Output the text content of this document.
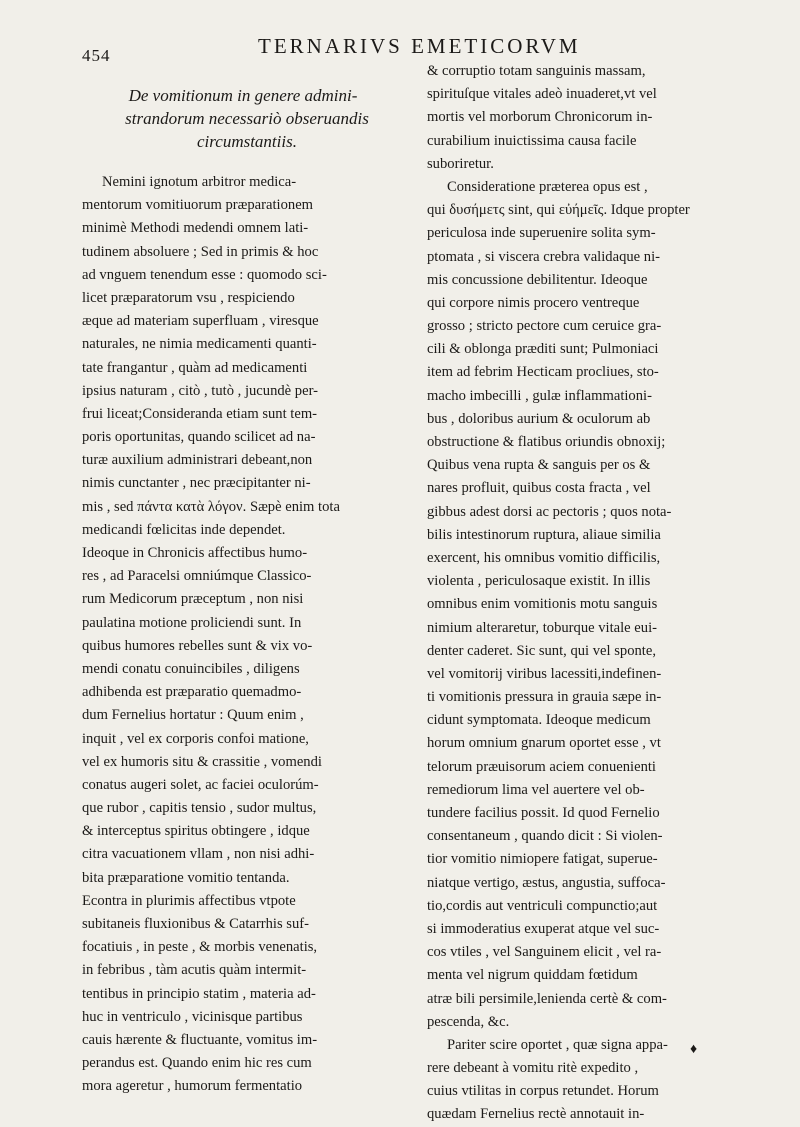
454	TERNARIVS EMETICORVM
De vomitionum in genere admini-
strandorum necessariò obseruandis
circumstantiis.
Nemini ignotum arbitror medica-
mentorum vomitiuorum præparationem
minimè Methodi medendi omnem lati-
tudinem absoluere ; Sed in primis & hoc
ad vnguem tenendum esse : quomodo sci-
licet præparatorum vsu , respiciendo
æque ad materiam superfluam , viresque
naturales, ne nimia medicamenti quanti-
tate frangantur , quàm ad medicamenti
ipsius naturam , citò , tutò , jucundè per-
frui liceat;Considerandа etiam sunt tem-
poris oportunitas, quando scilicet ad na-
turæ auxilium administrari debeant,non
nimis cunctanter , nec præcipitanter ni-
mis , sed πάντα κατὰ λόγον. Sæpè enim tota
medicandi fœlicitas inde dependet.
Ideoque in Chronicis affectibus humo-
res , ad Paracelsi omniúmque Classico-
rum Medicorum præceptum , non nisi
paulatina motione proliciendi sunt. In
quibus humores rebelles sunt & vix vo-
mendi conatu conuincibiles , diligens
adhibenda est præparatio quemadmo-
dum Fernelius hortatur : Quum enim ,
inquit , vel ex corporis confoi matione,
vel ex humoris situ & crassitie , vomendi
conatus augeri solet, ac faciei oculorúm-
que rubor , capitis tensio , sudor multus,
& interceptus spiritus obtingere , idque
citra vacuationem vllam , non nisi adhi-
bita præparatione vomitio tentanda.
Econtra in plurimis affectibus vtpote
subitaneis fluxionibus & Catarrhis suf-
focatiuis , in peste , & morbis venenatis,
in febribus , tàm acutis quàm intermit-
tentibus in principio statim , materia ad-
huc in ventriculo , vicinisque partibus
cauis hærente & fluctuante, vomitus im-
perandus est. Quando enim hic res cum
mora ageretur , humorum fermentatio
& corruptio totam sanguinis massam,
spirituſque vitales adeò inuaderet,vt vel
mortis vel morborum Chronicorum in-
curabilium inuictissima causa facile
suboriretur.
Consideratione præterea opus est ,
qui δυσήμετς sint, qui εὐήμεῖς. Idque propter
periculosa inde superuenire solita sym-
ptomata , si viscera crebra validaque ni-
mis concussione debilitentur. Ideoque
qui corpore nimis procero ventreque
grosso ; stricto pectore cum ceruice gra-
cili & oblonga præditi sunt; Pulmoniaci
item ad febrim Hecticam procliues, sto-
macho imbecilli , gulæ inflammationi-
bus , doloribus aurium & oculorum ab
obstructione & flatibus oriundis obnoxij;
Quibus vena rupta & sanguis per os &
nares profluit, quibus costa fracta , vel
gibbus adest dorsi ac pectoris ; quos nota-
bilis intestinorum ruptura, aliaue similia
exercent, his omnibus vomitio difficilis,
violenta , periculosaque existit. In illis
omnibus enim vomitionis motu sanguis
nimium alteraretur, toburque vitale eui-
denter caderet. Sic sunt, qui vel sponte,
vel vomitorij viribus lacessiti,indefinen-
ti vomitionis pressura in grauia sæpe in-
cidunt symptomata. Ideoque medicum
horum omnium gnarum oportet esse , vt
telorum præuisorum aciem conuenienti
remediorum lima vel auertere vel ob-
tundere facilius possit. Id quod Fernelio
consentaneum , quando dicit : Si violen-
tior vomitio nimiopere fatigat, superue-
niatque vertigo, æstus, angustia, suffoca-
tio,cordis aut ventriculi compunctio;aut
si immoderatius exuperat atque vel suc-
cos vtiles , vel Sanguinem elicit , vel ra-
menta vel nigrum quiddam fœtidum
atræ bili persimile,lenienda certè & com-
pescenda, &c.
Pariter scire oportet , quæ signa appa-
rere debeant à vomitu ritè expedito ,
cuius vtilitas in corpus retundet. Horum
quædam Fernelius rectè annotauit in-
♦
